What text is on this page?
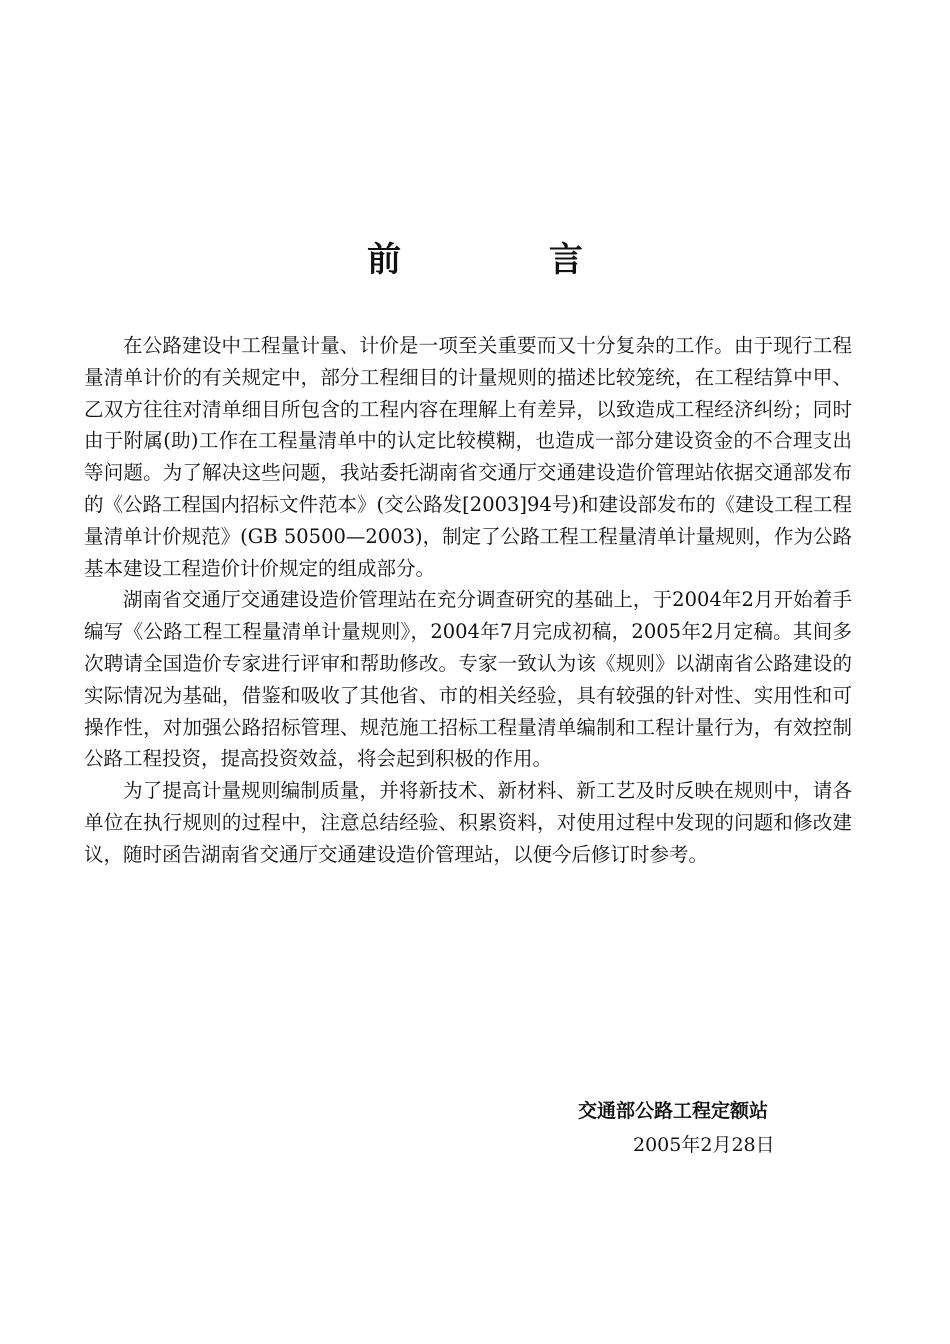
前 言

在公路建设中工程量计量、计价是一项至关重要而又十分复杂的工作。由于现行工程量清单计价的有关规定中，部分工程细目的计量规则的描述比较笼统，在工程结算中甲、乙双方往往对清单细目所包含的工程内容在理解上有差异，以致造成工程经济纠纷；同时由于附属(助)工作在工程量清单中的认定比较模糊，也造成一部分建设资金的不合理支出等问题。为了解决这些问题，我站委托湖南省交通厅交通建设造价管理站依据交通部发布的《公路工程国内招标文件范本》(交公路发[2003]94号)和建设部发布的《建设工程工程量清单计价规范》(GB 50500—2003)，制定了公路工程工程量清单计量规则，作为公路基本建设工程造价计价规定的组成部分。

湖南省交通厅交通建设造价管理站在充分调查研究的基础上，于2004年2月开始着手编写《公路工程工程量清单计量规则》，2004年7月完成初稿，2005年2月定稿。其间多次聘请全国造价专家进行评审和帮助修改。专家一致认为该《规则》以湖南省公路建设的实际情况为基础，借鉴和吸收了其他省、市的相关经验，具有较强的针对性、实用性和可操作性，对加强公路招标管理、规范施工招标工程量清单编制和工程计量行为，有效控制公路工程投资，提高投资效益，将会起到积极的作用。

为了提高计量规则编制质量，并将新技术、新材料、新工艺及时反映在规则中，请各单位在执行规则的过程中，注意总结经验、积累资料，对使用过程中发现的问题和修改建议，随时函告湖南省交通厅交通建设造价管理站，以便今后修订时参考。

交通部公路工程定额站
2005年2月28日
